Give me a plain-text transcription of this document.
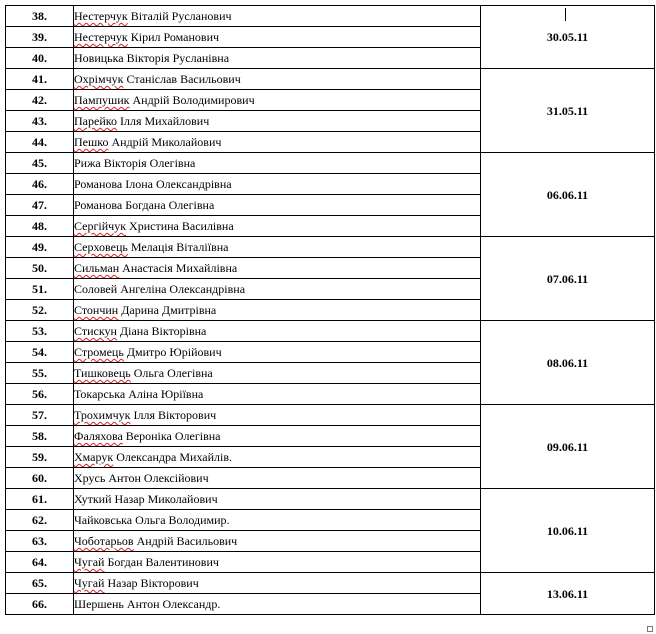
38.	Нестерчук Віталій Русланович	30.05.11
39.	Нестерчук Кірил Романович	
40.	Новицька Вікторія Русланівна	
41.	Охрімчук Станіслав Васильович	31.05.11
42.	Пампушик Андрій Володимирович	
43.	Парейко Ілля Михайлович	
44.	Пешко Андрій Миколайович	
45.	Рижа Вікторія Олегівна	06.06.11
46.	Романова Ілона Олександрівна	
47.	Романова Богдана Олегівна	
48.	Сергійчук Христина Василівна	
49.	Серховець Мелація Віталіївна	07.06.11
50.	Сильман Анастасія Михайлівна	
51.	Соловей Ангеліна Олександрівна	
52.	Стончин Дарина Дмитрівна	
53.	Стискун Діана Вікторівна	08.06.11
54.	Стромець Дмитро Юрійович	
55.	Тишковець Ольга Олегівна	
56.	Токарська Аліна Юріївна	
57.	Трохимчук Ілля Вікторович	09.06.11
58.	Фаляхова Вероніка Олегівна	
59.	Хмарук Олександра Михайлів.	
60.	Хрусь Антон Олексійович	
61.	Хуткий Назар Миколайович	10.06.11
62.	Чайковська Ольга Володимир.	
63.	Чоботарьов Андрій Васильович	
64.	Чугай Богдан Валентинович	
65.	Чугай Назар Вікторович	13.06.11
66.	Шершень Антон Олександр.	
